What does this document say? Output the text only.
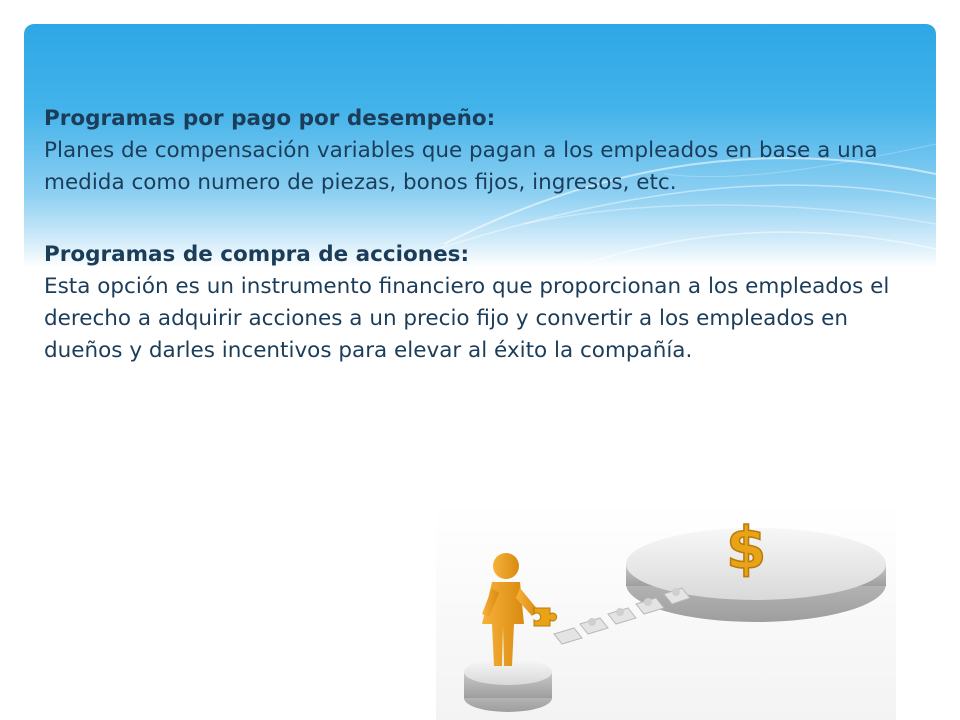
Programas por pago por desempeño:

Planes de compensación variables que pagan a los empleados en base a una medida como numero de piezas, bonos fijos, ingresos, etc.

Programas de compra de acciones:

Esta opción es un instrumento financiero que proporcionan a los empleados el derecho a adquirir acciones a un precio fijo y convertir a los empleados en dueños y darles incentivos para elevar al éxito la compañía.

$
